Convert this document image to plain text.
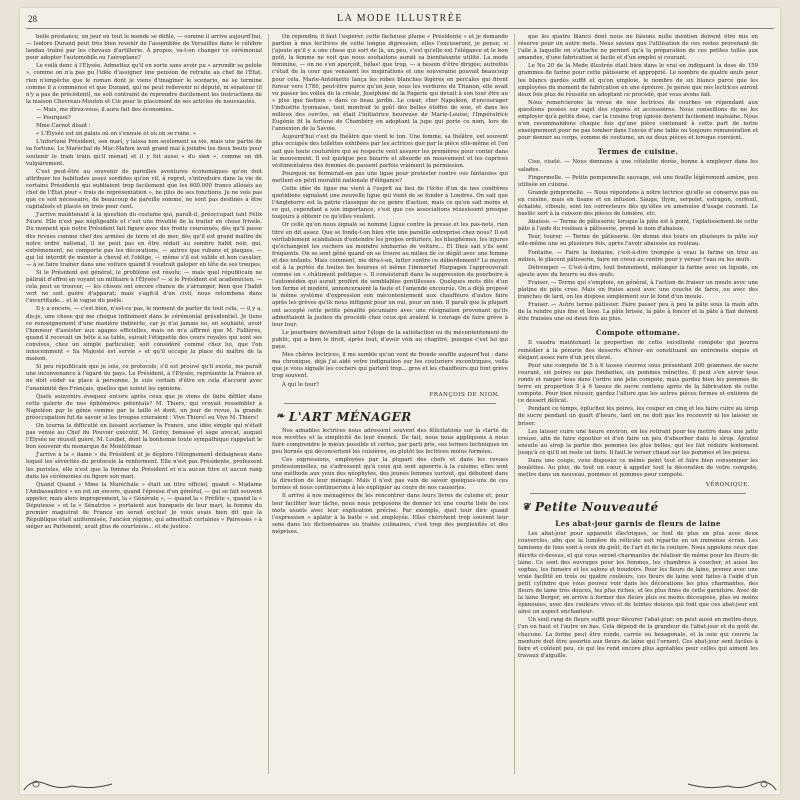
28	LA MODE ILLUSTRÉE

belle prestance, un jour où tout le monde se défile, — comme il arrive aujourd'hui, — Isidore Durand peut très bien revenir de l'assemblée de Versailles dans le célèbre landau traîné par les chevaux d'artillerie. À propos, va-t-on changer ce cérémonial pour adopter l'automobile ou l'aéroplane?

Le voilà donc à l'Élysée. Admettez qu'il en sorte sans avoir pu « arrondir sa pelote », comme on n'a pas pu l'idée d'assigner une pension de retraite au chef de l'État, rien n'empêche que le roman dont je viens d'imaginer le scenario, ne se termine comme il a commencé et que Durand, qui ne peut redevenir ni député, ni sénateur (il n'y a pas de précédent), ne soit contraint de reprendre docilement les instructions de la maison Chevreau-Mouton et Cie pour le placement de ses articles de nouveautés.

— Mais, me direz-vous, il aura fait des économies.

— Pourquoi?

Mme Carnot disait :

« L'Élysée est un palais où on s'ennuie et où on se ruine. »

L'infortuné Président, son mari, y laissa non seulement sa vie, mais une partie de sa fortune. Le Maréchal de Mac-Mahon avait grand mal à joindre les deux bouts pour soutenir le train train qu'il menait et il y fut aussi « du sien », comme on dit vulgairement.

C'est peut-être au souvenir de pareilles aventures économiques qu'on doit attribuer les habitudes assez sordides qu'on vit, à regret, s'introduire dans la vie de certains Présidents qui oubliaient trop facilement que les 600.000 francs alloués au chef de l'État pour « frais de représentation », ne plus de ses fonctions. Je ne vois pas que ce soit nécessaire, de beaucoup de pareille somme, ne sont pas destinés à être capitalisés et placés en trois pour cent.

J'arrive maintenant à la question du costume qui, paraît-il, préoccupait tant Félix Faure. Elle n'est pas négligeable et c'est une frivolité de la traiter en chose frivole. Du moment que notre Président fait figure avec des fronts couronnés, dès qu'il passe des revues comme chef des armées de terre et de mer, dès qu'il est grand maître de notre ordre national, il ne peut pas en être réduit au sombre habit noir, qui, extrêmement, ne comporte pas les décorations, — autres que rubans et plaques, — qui lui interdit de monter à cheval et l'oblige, — même s'il est valide et bon cavalier, — à se faire traîner dans une voiture quand il voudrait galoper en tête de ses troupes.

Si le Président est général, le problème est résolu; — mais quel républicain ne pâlirait d'effroi en voyant un militaire à l'Élysée? — si le Président est académicien, — cela peut se trouver, — les choses ont encore chance de s'arranger, bien que l'habit vert ne soit guère d'apparat; mais s'agit-il d'un civil, nous retombons dans l'incertitude... et le vague du poële.

Il y a encore, — c'est bien, n'est-ce pas, le moment de parler de tout cela, — il y a, dis-je, une chose qui me choque infiniment dans le cérémonial présidentiel. Je tiens ce renseignement d'une manière indirecte, car je n'ai jamais eu, en souhaité, avoir l'honneur d'assister aux agapes officielles, mais on m'a affirmé que M. Fallières, quand il recevait un hôte à sa table, suivait l'étiquette des cours royales qui sont ses convives, chez un simple particulier, soit considéré comme chez lui, que l'on innocemment « Sa Majesté est servie » et qu'il occupe la place du maître de la maison.

Si peu républicain que je sois, ce protocole, s'il est prouvé qu'il existe, me paraît une inconvenance à l'égard du pays. Le Président, à l'Élysée, représente la France et ne doit céder sa place à personne. Je suis certain d'être en cela d'accord avec l'unanimité des Français, quelles que soient les opinions.

Quels souvenirs évoquez encore après ceux que je viens de faire défiler dans cette galerie de nos éphémères potentats? M. Thiers, qui croyait ressembler à Napoléon par le génie comme par la taille et dont, un jour de revue, la grande préoccupation fut de savoir si les troupes crieraient : Vive Thiers! ou Vive M. Thiers!

On tourna la difficulté en faisant acclamer la France, une idée simple qui n'était pas venue au Chef du Pouvoir exécutif, M. Grévy, bonasse et sage avocat, auquel l'Élysée ne réussit guère, M. Loubet, dont la bonhomie toute sympathique rappelait le bon souvenir du monarque de Montélimar.

J'arrive à la « dame » du Président et je déplore l'éloignement dédaigneux dans lequel les sévérités du protocole la renferment. Elle n'est pas Présidente, professent les puristes, elle n'est que la femme du Président et n'a aucun titre et aucun rang dans les cérémonies ou figure son mari.

Quand Quand « Mme la Maréchale » était un titre officiel, quand « Madame l'Ambassadrice » en est un encore, quand l'épouse d'un général, — qui se fait souvent appeler, mais alors improprement, la « Générale », — quand la « Préfète », quand la « Députesse » et la « Sénatrice » portaient aux banquets de leur mari, la femme du premier magistrat de France en serait exclue! Je vous avais bien dit que la République était uniformisée, l'ancien régime, qui admettait certaines « Pairesses » à siéger au Parlement, avait plus de courtoisie... et de justice.

On répondra, il faut l'espérer, cette fâcheuse plume « Présidente » et je demande pardon à mes lectrices de cette longue digression, elles l'excuseront, je pense, si j'ajoute qu'il y a une chose qui sort de là, un peu, c'est qu'elle est l'élégance et le bon goût, la femme ne voit que nous souhaitons aurait sa bienfaisante utilité. La mode féminine, — on ne s'en aperçoit, hélas! que trop, — a besoin d'être dirigée; autrefois c'était de la cour que venaient les inspirations et une souveraine pouvait beaucoup pour cela. Marie-Antoinette lança les robes blanches légères en percales qui firent fureur vers 1780, peut-être parce qu'un jour, sous les verdures du Trianon, elle avait vu passer les voiles de la créole, Joséphine de la Pagerie qui devait à son tour être au « plus que fashion » dans ce beau jardin. Le cœur, cher Napoléon, d'encourager l'industrie lyonnaise, tout montrait le goût des belles étoffes de soie, et dans les milieux des cercles, on était l'initiatrice heureuse de Marie-Louise; l'Impératrice Eugénie fit la fortune de Chambéry en adoptant la jupe qui porte ce nom, lors de l'annexion de la Savoie.

Aujourd'hui c'est du théâtre que vient le ton. Une femme, sa théâtre, est souvent plus occupée des toilettes exhibées par les actrices que par la pièce elle-même et l'on sait que toute couturière qui se respecte veut assurer les premières pour conter dans le mouvement. Il est quelque peu bizarre et absurde en mouvement et les caprices vestimentaires des femmes de passent parfois vraiment la permission.

Pourquoi ne fermerait-on pas une ligue pour protester contre ces fantaisies qui mettent en péril moralité nationale d'élégance?

Cette idée de ligue me vient à l'esprit au lieu de l'écho d'un de nos confrères quotidiens signalant une nouvelle ligue qui vient de se fonder à Londres. On sait que l'Angleterre est la patrie classique de ce genre d'action, mais ce qu'on sait moins et ce qui, cependant a son importance, c'est que ces associations réussissent presque toujours à obtenir ce qu'elles veulent.

Or celle qu'on nous signale se nomme Ligue contre la presse et les pas-nots, rien titre en dit assez. Que se fonde-t-on bien vite une pareille entreprise chez nous? Il est véritablement scandaleux d'entendre les propos orduriers, les blasphèmes, les injures qu'échangent les cochers au moindre embarras de voiture... Et Dieu sait s'ils sont fréquents. On se sent gêné quand on se trouve au milieu de ce dégât avec une femme et des enfants. Mais comment, me dira-t-on, lutter contre ce débordement? Le moyen est à la portée de toutes les bourses et même l'immortel Harpagon l'approuverait comme un « châtiment politique ». Il consisterait dans la suppression du pourboire à l'automédon qui aurait proféré de semblables gentillesses. Quelques mots dits d'un ton ferme et modéré, annonceraient la faute et l'amende encourue. On a déjà proposé le même système d'expression son mécontentement aux chauffeurs d'autos faire après les grèves qu'ils nous infligent pour un oui, pour un non. Il paraît que la plupart ont accepté cette petite pénalité pécuniaire avec une résignation provenant qu'ils admettaient la justice du procédé chez ceux qui avaient le courage de faire grève à leur tour.

Le pourboire deviendrait ainsi l'éloge de la satisfaction ou du mécontentement de public, qui a bien le droit, après tout, d'avoir voix au chapitre, puisque c'est lui qui paye.

Mes chères lectrices, il me semble qu'un vent de fronde souffle aujourd'hui : dans ma chronique, déjà j'ai aidé votre indignation sur les couturiers excentriques, voilà que je vous signale les cochers qui parlent trop... gros et les chauffeurs qui font grève trop souvent.

À qui le tour?

FRANÇOIS DE NION.
❧ L'ART MÉNAGER

Nos aimables lectrices nous adressent souvent des félicitations sur la clarté de nos recettes et la simplicité de leur énoncé. De fait, nous nous appliquons à nous faire comprendre le mieux possible et certes, par parti pris, ces termes techniques en peu bornés qui déconcertent les cuisières, ou plutôt les lectrices moins formées.

Ces expressions, employées par la plupart des chefs et dans les revues professionnelles, ne s'adressent qu'à ceux qui sont aguerris à la cuisine; elles sont une méthode aux yeux des néophytes, des jeunes femmes surtout, qui débutent dans la direction de leur ménage. Mais il n'est pas vain de savoir quelques-uns de ces termes et nous continuerons à les expliquer au cours de nos causeries.

Il arrive à nos ménagères de les rencontrer dans leurs livres de cuisine et, pour leur faciliter leur tâche, nous nous proposons de donner ici une courte liste de ces mots usuels avec leur explication précise. Par exemple, quel tour dire quand l'expression « aplatir à la batte » est employée. Elles cherchent trop souvent leur sens dans les dictionnaires ou traités culinaires, c'est trop des perplexités et des méprises.

que les quatre blancs dont nous ne faisons nulle mention doivent être mis en réserve pour un autre mets. Nous savons que l'utilisation de ces restes provenant de l'aile à laquelle on s'attache ne permet qu'à la préparation de ces petites tuiles aux amandes, d'une fabrication si facile et d'un emploi si courant.

Le No 20 de la Mode illustrée était bien dans le vrai en indiquant la dose de 150 grammes de farine pour cette pâtisserie et approprié. Le nombre de quatre œufs pour les blancs gardés suffit et qu'on emploie, le nombre de six blancs parce que les employées du moment de fabrication en une épreuve. Je pense que nos lectrices auront deux fois plus de réussite en adoptant ce procédé, que vous avons fait.

Nous remercierons la revue de nos lectrices de courbes en répondant aux questions posées sur sujet des cigares et accessoires. Nous conseillons de ne les employer qu'à petite dose, car la cuisine trop épicée devient facilement malsaine. Nous n'en recommandons chaque fois qu'une pièce contenant à cette part de notre enseignement pour ne pas tomber dans l'excès d'une table ou toujours rémunération et pour donner au corps, comme de coutume, un ou deux pièces et lorsque convient.

Termes de cuisine.

Cise, ciselé. — Nous donnons à une côtelette dorée, bonne à employer dans les salades.

Fingermelle. — Petite pomponnelle sauvage, est une feuille légèrement amère, peu utilisée en cuisine.

Grande pimprenelle. — Nous répondons à notre lectrice qu'elle se conserve pas ou en cuisine, mais en tisane et en infusion. Sauge, thym, serpolet, estragon, cerfeuil, échalote, ciboule, sont les correcteurs dès qu'elles en amenuise d'usage courant. Le basilic sert à la cuisson des pièces de lumière, etc.

Abaisse. — Terme de pâtisserie; lorsque la pâte est à point, l'aplatissement de cette pâte à l'aide du rouleau à pâtisserie, prend le nom d'abaisse.

Tour, tourer. — Terme de pâtisserie. On donne des tours en plusieurs la pâte sur elle-même une ou plusieurs fois, après l'avoir abaissée au rouleau.

Fontaine. — Faire la fontaine, c'est-à-dire trempée à veau la farine un trou au milieu, le placent pâtisserie, faire un creux au centre pour y verser l'eau ou les œufs.

Détremper. — C'est-à-dire, tout bonnement, mélanger la farine avec un liquide, en ajoute avec du beurre ou des œufs.

Fraiser. — Terme qui s'emploie, en général, à l'action de fraiser un moule avec une platine de pâte crue. Mais on fraise aussi avec une couche de farce, ou avec des tranches de lard, on les dispose simplement sur le fond d'un moule.

Fraiser. — Autre terme pâtissier. Faire passer peu à peu la pâte sous la main afin de la rendre plus fine et lisse. La pâte brisée, la pâte à foncer et la pâte à flan doivent être fraisées une ou deux fois au plus.

Compote ottomane.

Il vaudra maintenant la proportion de cette excellente compote qui pourra remédier à la pénurie des desserts d'hiver en constituant un entremets exquis et élégant assez rare d'un prix élevé.

Pour une compote de 5 à 6 tasses couvrez sous présentant 200 grammes de sucre courant, six poires ou pas fondantes, six pommes reinettes. Il peut s'en servir tous ronds et ranger tous dans l'ordre une jolie compote, mais gardez bien les pommes de terre en proportion 5 à 6 tasses de sucre contenu après de la fabrication de cette compote. Pour bien réussir, gardez l'allure que les autres pièces fermes et entières de ce dessert délicat.

Pendant ce temps, épluchez les poires, les couper en cinq et les faire cuire au sirop de sucre pendant un quart d'heure, tant on ne doit pas les recouvrir ni les laisser se briser.

Les laisser cuire une heure environ, en les retirant pour les mettre dans une jatte creuse, afin de faire égoutter et d'en faire un peu d'absorber dans le sirop. Ajoutez ensuite au sirop la partie des pommes les plus belles, qui les fait réduire lentement jusqu'à ce qu'il en reste un tiers. Il faut le verser chaud sur les pommes et les poires.

Dans une coupe, vous disposez ce même point tout et faire bien consommer les boulettes. Au plus, de tout un cœur à appeler tout la décoration de votre compote, mettre dans un nouveau, pommes et pommes pour compote.

VÉRONIQUE.
❦ Petite Nouveauté
Les abat-jour garnis de fleurs de laine

Les abat-jour pour appareils électriques, se font de plus en plus avec deux couvercles, afin que la lumière du réticule soit répartie en un immense écran. Les tamisons de luxe sont à ceux du goût, de l'art et de la couture. Nous appelons ceux que décrits ci-dessus, et qui vous seront charmantes de réaliser de même pour les fleurs de laine. Ce sont des ouvrages pour les femmes, les chambres à coucher, et aussi les sophas, les fumoirs et les salons et boudoirs. Pour les fleurs de laine, prenez avec une vraie facilité en trois ou quatre couleurs, ces fleurs de laine sont faites à l'aide d'un petit cylindre que vous pouvez voir dans les décorations les plus charmantes, des fleurs de laine très douces, les plus riches, et les plus fines de cette garniture. Avec de la laine Berger, on arrive à former des fleurs plus ou moins découpées, plus ou moins épanouies, avec des couleurs vives et de teintes douces qui font que ces abat-jour ont ainsi un aspect enchanteur.

Un seul rang de fleurs suffit pour décorer l'abat-jour; on peut aussi en mettre deux, l'un en haut et l'autre en bas. Cela dépend de la grandeur de l'abat-jour et du goût de chacune. La forme peut être ronde, carrée ou hexagonale, et la soie qui couvre la monture doit être assortie aux fleurs de laine qui l'ornent. Ces abat-jour sont faciles à faire et coûtent peu, ce qui les rend encore plus agréables pour celles qui aiment les travaux d'aiguille.
